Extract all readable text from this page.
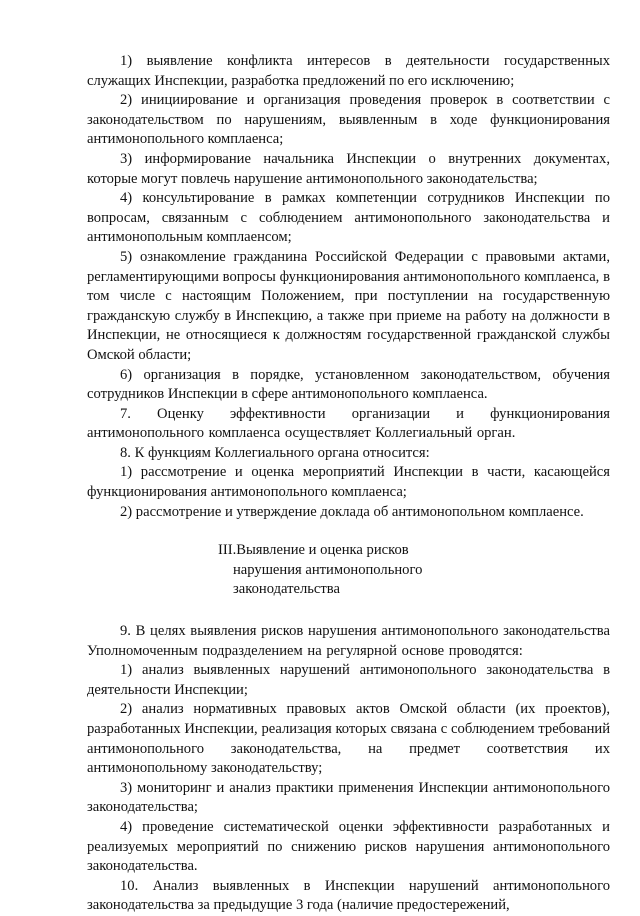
1) выявление конфликта интересов в деятельности государственных служащих Инспекции, разработка предложений по его исключению;

2) инициирование и организация проведения проверок в соответствии с законодательством по нарушениям, выявленным в ходе функционирования антимонопольного комплаенса;

3) информирование начальника Инспекции о внутренних документах, которые могут повлечь нарушение антимонопольного законодательства;

4) консультирование в рамках компетенции сотрудников Инспекции по вопросам, связанным с соблюдением антимонопольного законодательства и антимонопольным комплаенсом;

5) ознакомление гражданина Российской Федерации с правовыми актами, регламентирующими вопросы функционирования антимонопольного комплаенса, в том числе с настоящим Положением, при поступлении на государственную гражданскую службу в Инспекцию, а также при приеме на работу на должности в Инспекции, не относящиеся к должностям государственной гражданской службы Омской области;

6) организация в порядке, установленном законодательством, обучения сотрудников Инспекции в сфере антимонопольного комплаенса.

7. Оценку эффективности организации и функционирования антимонопольного комплаенса осуществляет Коллегиальный орган.

8. К функциям Коллегиального органа относится:

1) рассмотрение и оценка мероприятий Инспекции в части, касающейся функционирования антимонопольного комплаенса;

2) рассмотрение и утверждение доклада об антимонопольном комплаенсе.

III.Выявление и оценка рисков
нарушения антимонопольного
законодательства

9. В целях выявления рисков нарушения антимонопольного законодательства Уполномоченным подразделением на регулярной основе проводятся:

1) анализ выявленных нарушений антимонопольного законодательства в деятельности Инспекции;

2) анализ нормативных правовых актов Омской области (их проектов), разработанных Инспекции, реализация которых связана с соблюдением требований антимонопольного законодательства, на предмет соответствия их антимонопольному законодательству;

3) мониторинг и анализ практики применения Инспекции антимонопольного законодательства;

4) проведение систематической оценки эффективности разработанных и реализуемых мероприятий по снижению рисков нарушения антимонопольного законодательства.

10. Анализ выявленных в Инспекции нарушений антимонопольного законодательства за предыдущие 3 года (наличие предостережений,
